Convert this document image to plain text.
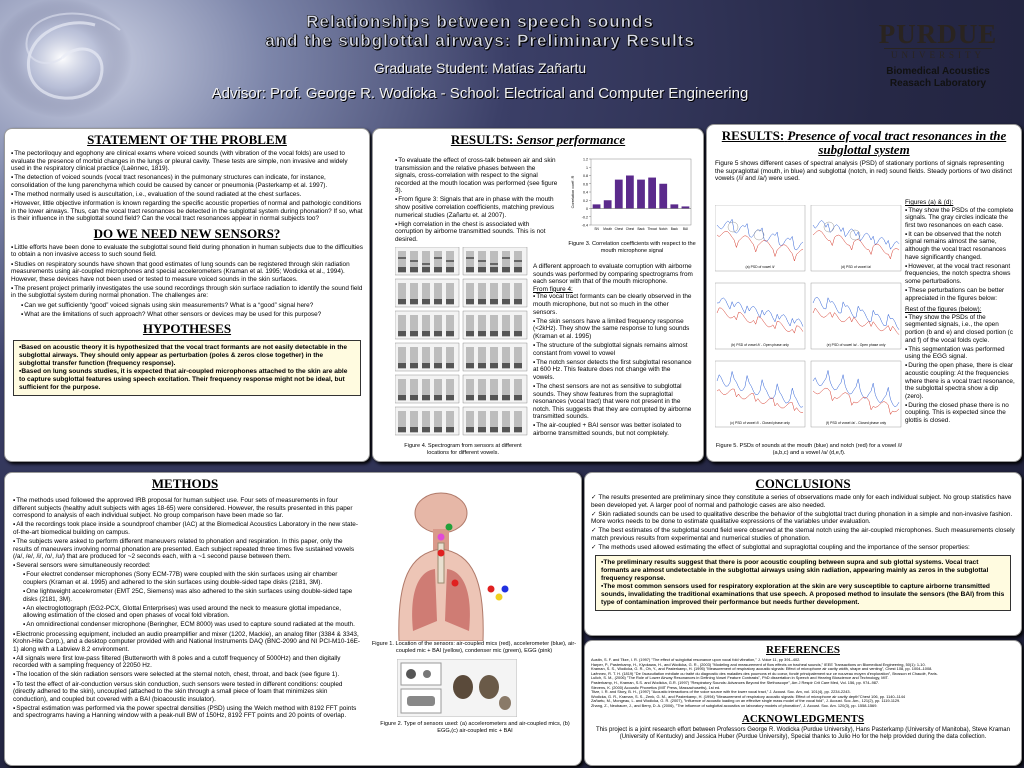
Relationships between speech sounds
and the subglottal airways: Preliminary Results
Graduate Student: Matías Zañartu
Advisor: Prof. George R. Wodicka - School: Electrical and Computer Engineering
PURDUE
UNIVERSITY
Biomedical Acoustics
Reasach Laboratory
STATEMENT OF THE PROBLEM
▪ The pectoriloquy and egophony are clinical exams where voiced sounds (with vibration of the vocal folds) are used to evaluate the presence of morbid changes in the lungs or pleural cavity. These tests are simple, non invasive and widely used in the respiratory clinical practice (Laënnec, 1819).
▪ The detection of voiced sounds (vocal tract resonances) in the pulmonary structures can indicate, for instance, consolidation of the lung parenchyma which could be caused by cancer or pneumonia (Pasterkamp et al. 1997).
▪ The method normally used is auscultation, i.e., evaluation of the sound radiated at the chest surfaces.
▪ However, little objective information is known regarding the specific acoustic properties of normal and pathologic conditions in the lower airways. Thus, can the vocal tract resonances be detected in the subglottal system during phonation? If so, what is their influence in the subglottal sound field? Can the vocal tract resonances appear in normal subjects too?
DO WE NEED NEW SENSORS?
▪ Little efforts have been done to evaluate the subglottal sound field during phonation in human subjects due to the difficulties to obtain a non invasive access to such sound field.
▪ Studies on respiratory sounds have shown that good estimates of lung sounds can be registered through skin radiation measurements using air-coupled microphones and special accelerometers (Kraman et al. 1995; Wodicka et al., 1994). However, these devices have not been used or tested to measure voiced sounds in the skin surfaces.
▪ The present project primarily investigates the use sound recordings through skin surface radiation to identify the sound field in the subglottal system during normal phonation. The challenges are:
▪ Can we get sufficiently “good” voiced signals using skin measurements? What is a “good” signal here?
▪ What are the limitations of such approach? What other sensors or devices may be used for this purpose?
HYPOTHESES
▪Based on acoustic theory it is hypothesized that the vocal tract formants are not easily detectable in the subglottal airways. They should only appear as perturbation (poles & zeros close together) in the subglottal transfer function (frequency response).
▪Based on lung sounds studies, it is expected that air-coupled microphones attached to the skin are able to capture subglottal features using speech excitation. Their frequency response might not be ideal, but sufficient for the purpose.
RESULTS: Sensor performance
▪ To evaluate the effect of cross-talk between air and skin transmission and the relative phases between the signals, cross-correlation with respect to the signal recorded at the mouth location was performed (see figure 3).
▪ From figure 3: Signals that are in phase with the mouth show positive correlation coefficients, matching previous numerical studies (Zañartu et. al 2007).
▪ High correlation in the chest is associated with corruption by airborne transmitted sounds. This is not desired.
-0.4
-0.2
0
0.2
0.4
0.6
0.8
1
1.2
Correlation coeff. R
SN Mouth Chest Chest Back Throat Notch Back BAI
Figure 3. Correlation coefficients with respect to the mouth microphone signal
Figure 4. Spectrogram from sensors at different locations for different vowels.
A different approach to evaluate corruption with airborne sounds was performed by comparing spectrograms from each sensor with that of the mouth microphone.
From figure 4:
▪ The vocal tract formants can be clearly observed in the mouth microphone, but not so much in the other sensors.
▪ The skin sensors have a limited frequency response (<2kHz). They show the same response to lung sounds (Kraman et al. 1995)
▪ The structure of the subglottal signals remains almost constant from vowel to vowel
▪ The notch sensor detects the first subglottal resonance at 600 Hz. This feature does not change with the vowels.
▪ The chest sensors are not as sensitive to subglottal sounds. They show features from the supraglottal resonances (vocal tract) that were not present in the notch. This suggests that they are corrupted by airborne transmitted sounds.
▪ The air-coupled + BAI sensor was better isolated to airborne transmitted sounds, but not completely.
RESULTS: Presence of vocal tract resonances in the subglottal system
Figure 5 shows different cases of spectral analysis (PSD) of stationary portions of signals representing the supraglottal (mouth, in blue) and subglottal (notch, in red) sound fields. Steady portions of two distinct vowels (/i/ and /a/) were used.
(a) PSD of vowel /i/	(d) PSD of vowel /a/
(b) PSD of vowel /i/ - Open phase only	(e) PSD of vowel /a/ - Open phase only
(c) PSD of vowel /i/ - Closed phase only	(f) PSD of vowel /a/ - Closed phase only
Figure 5. PSDs of sounds at the mouth (blue) and notch (red) for a vowel /i/ (a,b,c) and a vowel /a/ (d,e,f).
Figures (a) & (d):
▪ They show the PSDs of the complete signals. The gray circles indicate the first two resonances on each case.
▪ It can be observed that the notch signal remains almost the same, although the vocal tract resonances have significantly changed.
▪ However, at the vocal tract resonant frequencies, the notch spectra shows some perturbations.
▪ These perturbations can be better appreciated in the figures below:
Rest of the figures (below):
▪ They show the PSDs of the segmented signals, i.e., the open portion (b and e) and closed portion (c and f) of the vocal folds cycle.
▪ This segmentation was performed using the EGG signal.
▪ During the open phase, there is clear acoustic coupling: At the frequencies where there is a vocal tract resonance, the subglottal spectra show a dip (zero).
▪ During the closed phase there is no coupling. This is expected since the glottis is closed.
METHODS
▪ The methods used followed the approved IRB proposal for human subject use. Four sets of measurements in four different subjects (healthy adult subjects with ages 18-65) were considered. However, the results presented in this paper correspond to analysis of each individual subject. No group comparison have been made so far.
▪ All the recordings took place inside a soundproof chamber (IAC) at the Biomedical Acoustics Laboratory in the new state-of-the-art biomedical building on campus.
▪ The subjects were asked to perform different maneuvers related to phonation and respiration. In this paper, only the results of maneuvers involving normal phonation are presented. Each subject repeated three times five sustained vowels (/a/, /e/, /i/, /o/, /u/) that are produced for ~2 seconds each, with a ~1 second pause between them.
▪ Several sensors were simultaneously recorded:
▪ Four electret condenser microphones (Sony ECM-77B) were coupled with the skin surfaces using air chamber couplers (Kraman et al. 1995) and adhered to the skin surfaces using double-sided tape disks (2181, 3M).
▪ One lightweight accelerometer (EMT 25C, Siemens) was also adhered to the skin surfaces using double-sided tape disks (2181, 3M).
▪ An electroglottograph (EG2-PCX, Glottal Enterprises) was used around the neck to measure glottal impedance, allowing estimation of the closed and open phases of vocal fold vibration.
▪ An omnidirectional condenser microphone (Beringher, ECM 8000) was used to capture sound radiated at the mouth.
▪ Electronic processing equipment, included an audio preamplifier and mixer (1202, Mackie), an analog filter (3384 & 3343, Krohn-Hite Corp.), and a desktop computer provided with and National Instruments DAQ (BNC-2090 and NI PCI-M10-16E-1) along with a Labview 8.2 environment.
▪ All signals were first low-pass filtered (Butterworth with 8 poles and a cutoff frequency of 5000Hz) and then digitally recorded with a sampling frequency of 22050 Hz.
▪ The location of the skin radiation sensors were selected at the sternal notch, chest, throat, and back (see figure 1).
▪ To test the effect of air-conduction versus skin conduction, such sensors were tested in different conditions: coupled (directly adhered to the skin), uncoupled (attached to the skin through a small piece of foam that minimizes skin conduction), and coupled but covered with a BAI (bioacoustic insulator).
▪ Spectral estimation was performed via the power spectral densities (PSD) using the Welch method with 8192 FFT points and spectrograms having a Hanning window with a peak-null BW of 150Hz, 8192 FFT points and 20 points of overlap.
Figure 1. Location of the sensors: air-coupled mics (red), accelerometer (blue), air-coupled mic + BAI (yellow), condenser mic (green), EGG (pink)
Figure 2. Type of sensors used: (a) accelerometers and air-coupled mics, (b) EGG,(c) air-coupled mic + BAI
CONCLUSIONS
✓ The results presented are preliminary since they constitute a series of observations made only for each individual subject. No group statistics have been developed yet. A larger pool of normal and pathologic cases are also needed.
✓ Skin radiated sounds can be used to qualitative describe the behavior of the subglottal tract during phonation in a simple and non-invasive fashion. More works needs to be done to estimate qualitative expressions of the variables under evaluation.
✓ The best estimates of the subglottal sound field were observed at the sternal notch using the air-coupled microphones. Such measurements closely match previous results from experimental and numerical studies of phonation.
✓ The methods used allowed estimating the effect of subglottal and supraglottal coupling and the importance of the sensor properties:
▪The preliminary results suggest that there is poor acoustic coupling between supra and sub glottal systems. Vocal tract formants are almost undetectable in the subglottal airways using skin radiation, appearing mainly as zeros in the subglottal frequency response.
▪The most common sensors used for respiratory exploration at the skin are very susceptible to capture airborne transmitted sounds, invalidating the traditional examinations that use speech. A proposed method to insulate the sensors (the BAI) from this type of contamination improved their performance but needs further development.
REFERENCES
Austin, S. F. and Titze, I. R. (1997) "The effect of subglottal resonance upon vocal fold vibration," J. Voice 11, pp 391–402.
Harper, P., Pasterkamp, H., Kiyokawa, H., and Wodicka, G. R., (2003) "Modeling and measurement of flow effects on tracheal sounds," IEEE Transactions on Biomedical Engineering, 50(1): 1-10.
Kraman, S. S., Wodicka, G. R., Oh, Y., and Pasterkamp, H. (1995) "Measurement of respiratory acoustic signals: Effect of microphone air cavity width, shape and venting", Chest 108, pp. 1004–1008.
Laënnec, R. T. H. (1819) "De l'auscultation médiate ou traité du diagnostic des maladies des poumons et du coeur, fondé principalement sur ce nouveau moyen d'exploration", Brosson et Chaudé, Paris.
Lulich, S. M., (2006) "The Role of Lower Airway Resonances in Defining Vowel Feature Contrasts", PhD dissertation in Speech and Hearing Bioscience and Technology, MIT.
Pasterkamp, H., Kraman, S.S. and Wodicka, G.R. (1997) "Respiratory Sounds: Advances Beyond the Stethoscope", Am J Respir Crit Care Med, Vol. 156, pp. 974–987.
Stevens, K. (2000) Acoustic Phonetics (MIT Press, Massachusetts), 1st ed.
Titze, I. R. and Story, B. H., (1997) "Acoustic interactions of the voice source with the lower vocal tract," J. Acoust. Soc. Am, vol. 101(4), pp. 2234-2243.
Wodicka, G. R., Kraman, S. S., Zenk, G. M., and Pasterkamp, H. (1994) "Measurement of respiratory acoustic signals: Effect of microphone air cavity depth"Chest 106, pp. 1140–1144
Zañartu, M., Mongeau, L. and Wodicka, G. R. (2007), "Influence of acoustic loading on an effective single mass model of the vocal fold", J. Acoust. Soc. Am., 121(2), pp. 1119-1129.
Zhang, Z., Neubauer, J., and Berry, D. A. (2006), "The influence of subglottal acoustics on laboratory models of phonation", J. Acoust. Soc. Am. 120(3), pp. 1558-1569.
ACKNOWLEDGMENTS
This project is a joint research effort between Professors George R. Wodicka (Purdue University), Hans Pasterkamp (University of Manitoba), Steve Kraman (University of Kentucky) and Jessica Huber (Purdue University), Special thanks to Julio Ho for the help provided during the data collection.
